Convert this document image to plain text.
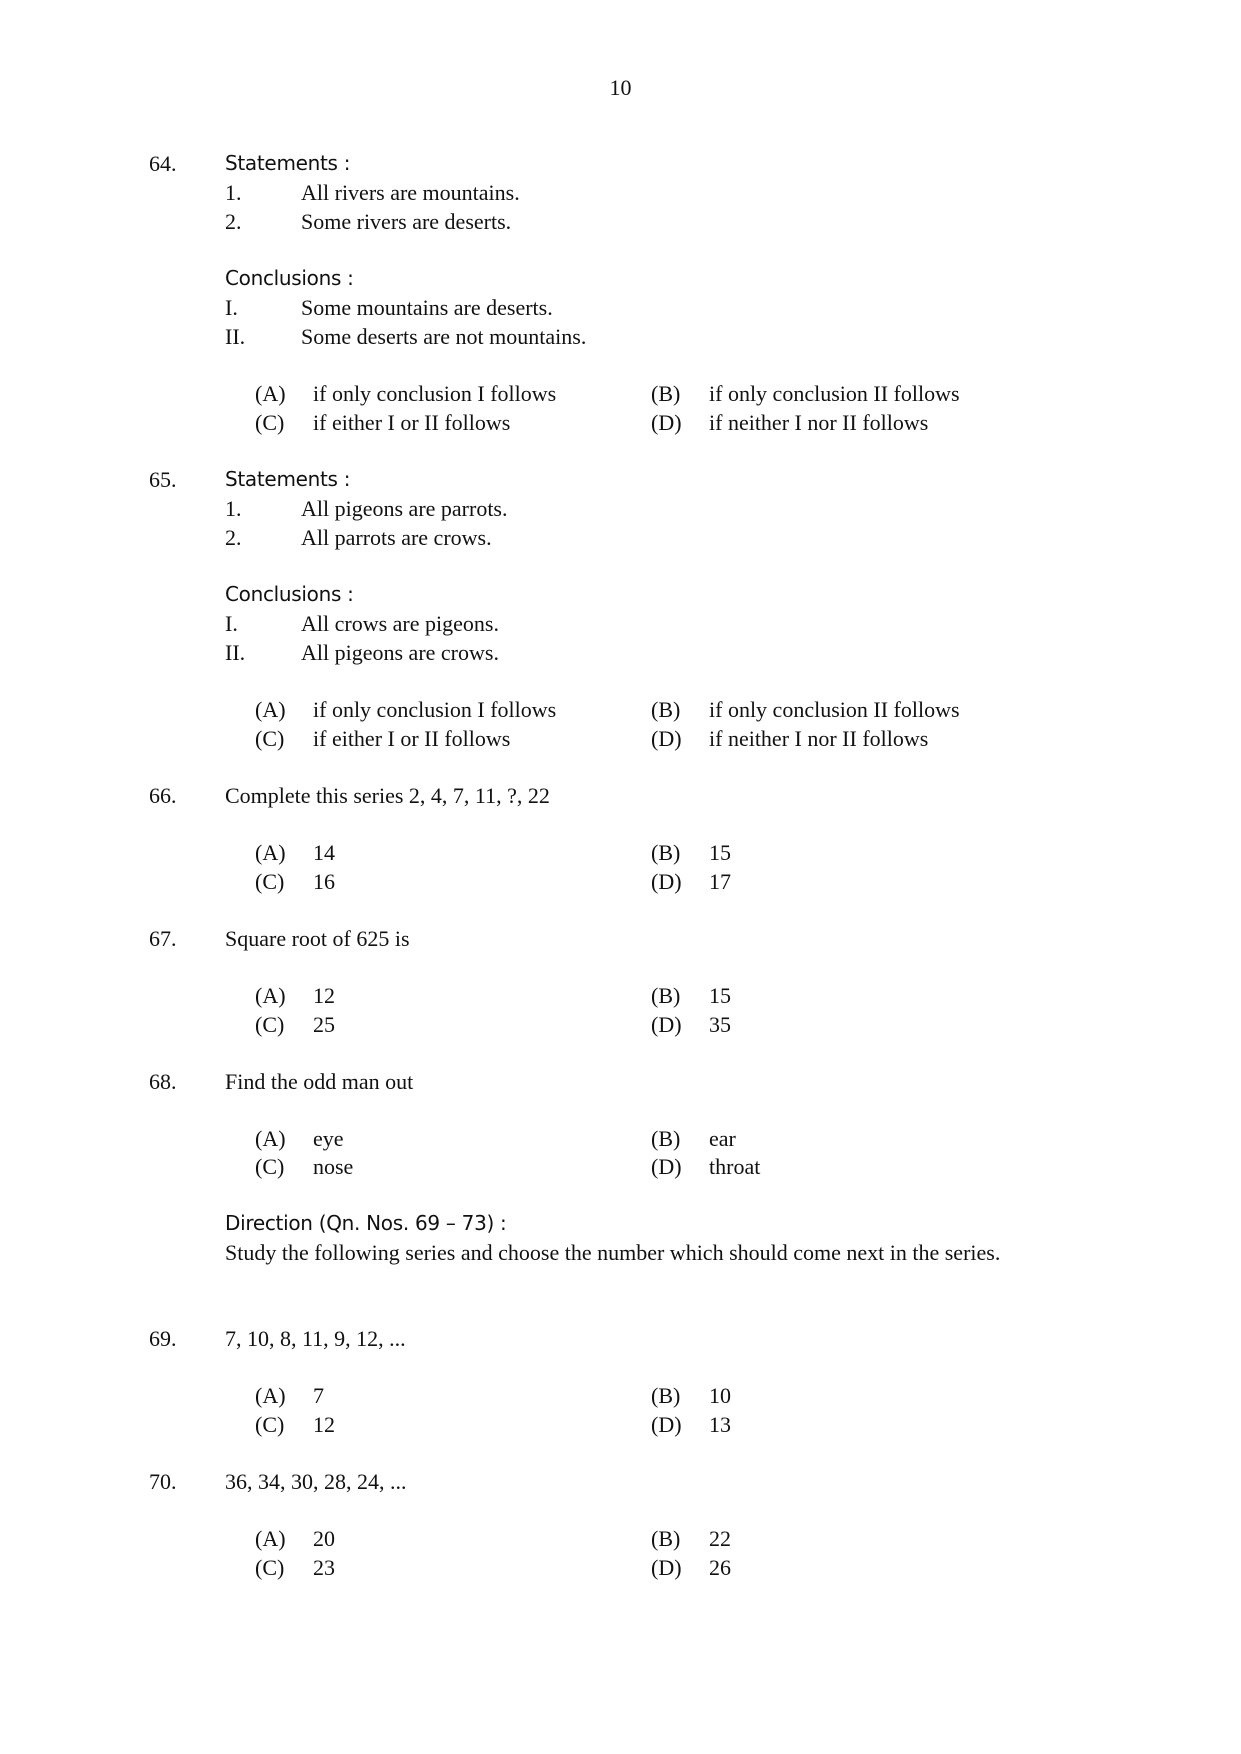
10
64. Statements :
1.	All rivers are mountains.
2.	Some rivers are deserts.
Conclusions :
I.	Some mountains are deserts.
II.	Some deserts are not mountains.
(A) if only conclusion I follows	(B) if only conclusion II follows
(C) if either I or II follows	(D) if neither I nor II follows
65. Statements :
1.	All pigeons are parrots.
2.	All parrots are crows.
Conclusions :
I.	All crows are pigeons.
II.	All pigeons are crows.
(A) if only conclusion I follows	(B) if only conclusion II follows
(C) if either I or II follows	(D) if neither I nor II follows
66. Complete this series 2, 4, 7, 11, ?, 22
(A) 14	(B) 15
(C) 16	(D) 17
67. Square root of 625 is
(A) 12	(B) 15
(C) 25	(D) 35
68. Find the odd man out
(A) eye	(B) ear
(C) nose	(D) throat
Direction (Qn. Nos. 69 – 73) :
Study the following series and choose the number which should come next in the series.
69. 7, 10, 8, 11, 9, 12, ...
(A) 7	(B) 10
(C) 12	(D) 13
70. 36, 34, 30, 28, 24, ...
(A) 20	(B) 22
(C) 23	(D) 26
